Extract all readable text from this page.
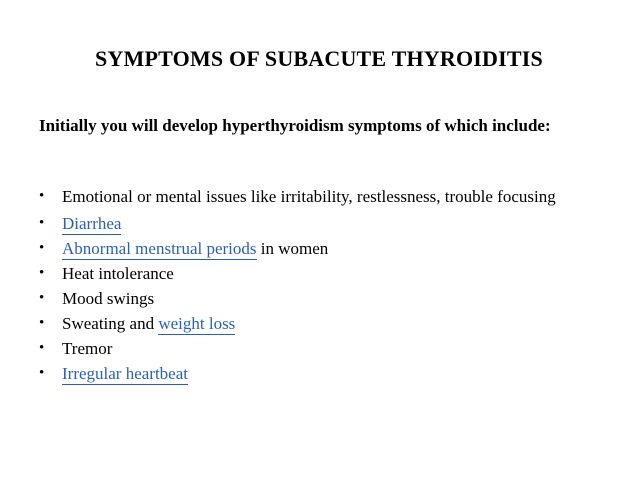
SYMPTOMS OF SUBACUTE THYROIDITIS

Initially you will develop hyperthyroidism symptoms of which include:

• Emotional or mental issues like irritability, restlessness, trouble focusing
• Diarrhea
• Abnormal menstrual periods in women
• Heat intolerance
• Mood swings
• Sweating and weight loss
• Tremor
• Irregular heartbeat
